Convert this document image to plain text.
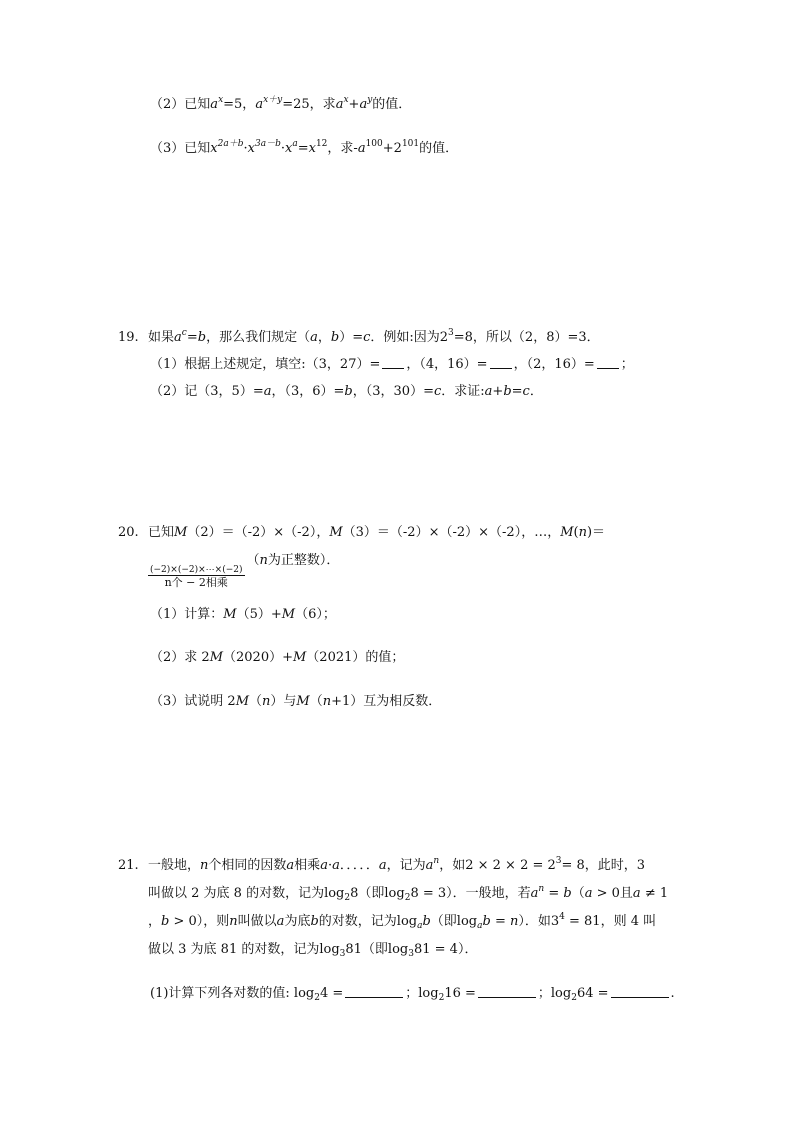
（2）已知$a^x=5$，$a^{x+y}=25$，求$a^x+a^y$的值．
（3）已知$x^{2a+b}\cdot x^{3a-b}\cdot x^a=x^{12}$，求$-a^{100}+2^{101}$的值．
19. 如果$a^c=b$，那么我们规定（a，b）=c．例如:因为$2^3=8$，所以（2，8）=3．
（1）根据上述规定，填空:（3，27）= ，（4，16）= ，（2，16）= ；
（2）记（3，5）=a，（3，6）=b，（3，30）=c．求证:a+b=c．
20. 已知M（2）＝（-2）×（-2），M（3）＝（-2）×（-2）×（-2），…，M(n)＝
$\frac{(-2)\times(-2)\times\cdots\times(-2)}{\text{n个 − 2相乘}}$
（n为正整数）．
（1）计算：M（5）+M（6）；
（2）求 2M（2020）+M（2021）的值；
（3）试说明 2M（n）与M（n+1）互为相反数．
21. 一般地，n个相同的因数a相乘a·a．．．．．a，记为$a^n$，如$2 \times 2 \times 2 = 2^3= 8$，此时，3
叫做以 2 为底 8 的对数，记为$\log_28$（即$\log_28 = 3$）．一般地，若$a^n = b(a > 0$且a ≠ 1
，b > 0），则n叫做以a为底b的对数，记为$\log_ab$（即$\log_ab = n$）．如$3^4 = 81$，则 4 叫
做以 3 为底 81 的对数，记为$\log_381$（即$\log_381 = 4$）．
(1)计算下列各对数的值: $\log_24$ =	；$\log_216$ =	；$\log_264$ =	.
